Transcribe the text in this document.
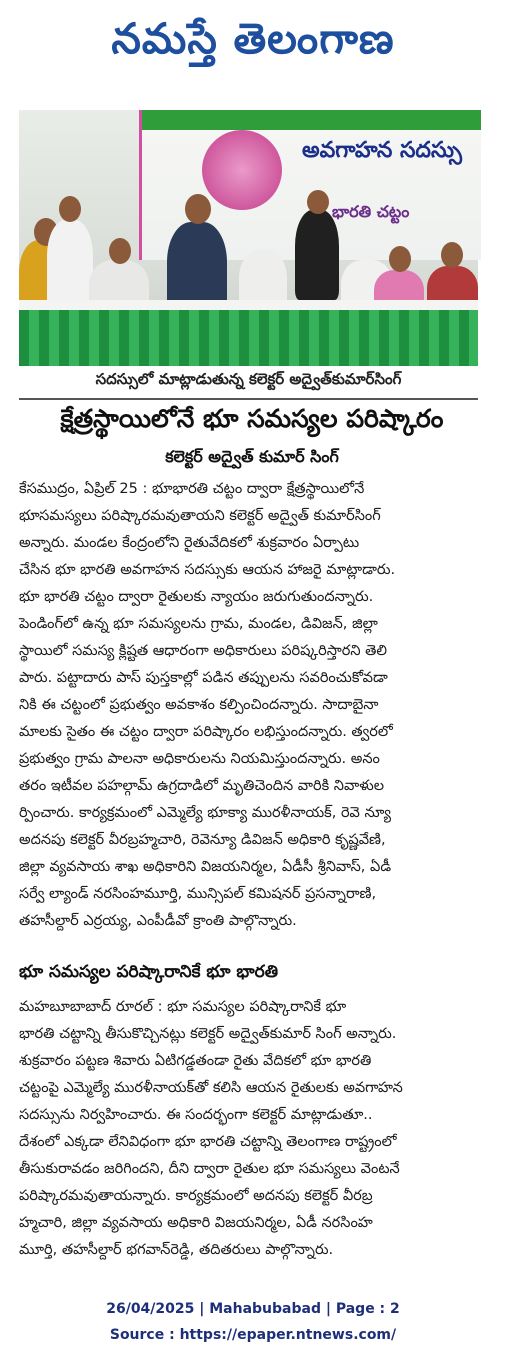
నమస్తే తెలంగాణ
అవగాహన సదస్సు
భారతి చట్టం
సదస్సులో మాట్లాడుతున్న కలెక్టర్ అద్వైత్‌కుమార్‌సింగ్
క్షేత్రస్థాయిలోనే భూ సమస్యల పరిష్కారం
కలెక్టర్ అద్వైత్ కుమార్ సింగ్
కేసముద్రం, ఏప్రిల్ 25 : భూభారతి చట్టం ద్వారా క్షేత్రస్థాయిలోనే
భూసమస్యలు పరిష్కారమవుతాయని కలెక్టర్ అద్వైత్ కుమార్‌సింగ్
అన్నారు. మండల కేంద్రంలోని రైతువేదికలో శుక్రవారం ఏర్పాటు
చేసిన భూ భారతి అవగాహన సదస్సుకు ఆయన హాజరై మాట్లాడారు.
భూ భారతి చట్టం ద్వారా రైతులకు న్యాయం జరుగుతుందన్నారు.
పెండింగ్‌లో ఉన్న భూ సమస్యలను గ్రామ, మండల, డివిజన్, జిల్లా
స్థాయిలో సమస్య క్లిష్టత ఆధారంగా అధికారులు పరిష్కరిస్తారని తెలి
పారు. పట్టాదారు పాస్ పుస్తకాల్లో పడిన తప్పులను సవరించుకోవడా
నికి ఈ చట్టంలో ప్రభుత్వం అవకాశం కల్పించిందన్నారు. సాదాబైనా
మాలకు సైతం ఈ చట్టం ద్వారా పరిష్కారం లభిస్తుందన్నారు. త్వరలో
ప్రభుత్వం గ్రామ పాలనా అధికారులను నియమిస్తుందన్నారు. అనం
తరం ఇటీవల పహల్గామ్ ఉగ్రదాడిలో మృతిచెందిన వారికి నివాళుల
ర్పించారు. కార్యక్రమంలో ఎమ్మెల్యే భూక్యా మురళీనాయక్, రెవె న్యూ
అదనపు కలెక్టర్ వీరబ్రహ్మచారి, రెవెన్యూ డివిజన్ అధికారి కృష్ణవేణి,
జిల్లా వ్యవసాయ శాఖ అధికారిని విజయనిర్మల, ఏడీసీ శ్రీనివాస్, ఏడీ
సర్వే ల్యాండ్ నరసింహమూర్తి, మున్సిపల్ కమిషనర్ ప్రసన్నారాణి,
తహసీల్దార్ ఎర్రయ్య, ఎంపీడీవో క్రాంతి పాల్గొన్నారు.
భూ సమస్యల పరిష్కారానికే భూ భారతి
మహబూబాబాద్ రూరల్ : భూ సమస్యల పరిష్కారానికే భూ
భారతి చట్టాన్ని తీసుకొచ్చినట్లు కలెక్టర్ అద్వైత్‌కుమార్ సింగ్ అన్నారు.
శుక్రవారం పట్టణ శివారు ఏటిగడ్డతండా రైతు వేదికలో భూ భారతి
చట్టంపై ఎమ్మెల్యే మురళీనాయక్‌తో కలిసి ఆయన రైతులకు అవగాహన
సదస్సును నిర్వహించారు. ఈ సందర్భంగా కలెక్టర్ మాట్లాడుతూ..
దేశంలో ఎక్కడా లేనివిధంగా భూ భారతి చట్టాన్ని తెలంగాణ రాష్ట్రంలో
తీసుకురావడం జరిగిందని, దీని ద్వారా రైతుల భూ సమస్యలు వెంటనే
పరిష్కారమవుతాయన్నారు. కార్యక్రమంలో అదనపు కలెక్టర్ వీరబ్ర
హ్మచారి, జిల్లా వ్యవసాయ అధికారి విజయనిర్మల, ఏడీ నరసింహ
మూర్తి, తహసీల్దార్ భగవాన్‌రెడ్డి, తదితరులు పాల్గొన్నారు.
26/04/2025 | Mahabubabad | Page : 2
Source : https://epaper.ntnews.com/
